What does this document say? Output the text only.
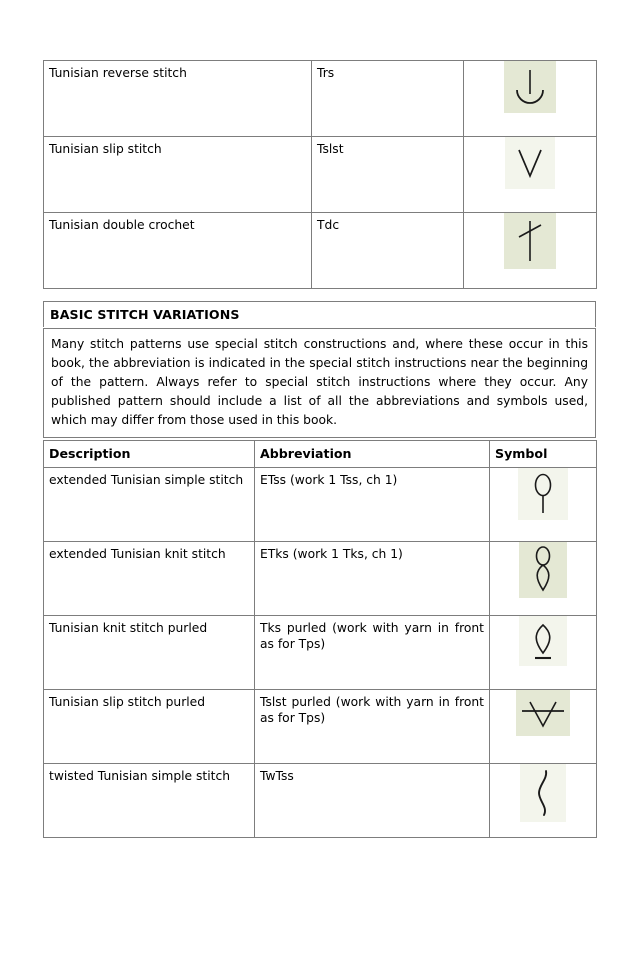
Tunisian reverse stitch	Trs	

Tunisian slip stitch	Tslst	

Tunisian double crochet	Tdc	
BASIC STITCH VARIATIONS

Many stitch patterns use special stitch constructions and, where these occur in this book, the abbreviation is indicated in the special stitch instructions near the beginning of the pattern. Always refer to special stitch instructions where they occur. Any published pattern should include a list of all the abbreviations and symbols used, which may differ from those used in this book.

Description	Abbreviation	Symbol
extended Tunisian simple stitch	ETss (work 1 Tss, ch 1)	

extended Tunisian knit stitch	ETks (work 1 Tks, ch 1)	

Tunisian knit stitch purled	Tks purled (work with yarn in front as for Tps)	

Tunisian slip stitch purled	Tslst purled (work with yarn in front as for Tps)	

twisted Tunisian simple stitch	TwTss	
